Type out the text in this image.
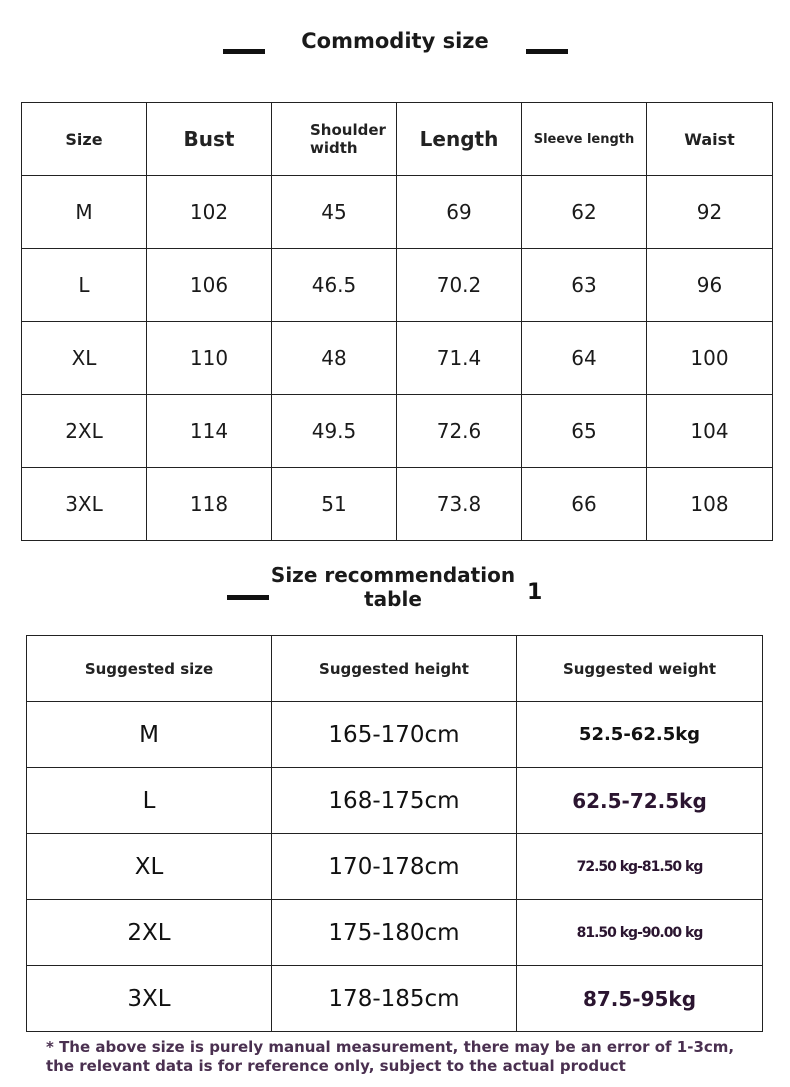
Commodity size
Size	Bust	Shoulder width	Length	Sleeve length	Waist
M	102	45	69	62	92
L	106	46.5	70.2	63	96
XL	110	48	71.4	64	100
2XL	114	49.5	72.6	65	104
3XL	118	51	73.8	66	108
Size recommendation
table	1
Suggested size	Suggested height	Suggested weight
M	165-170cm	52.5-62.5kg
L	168-175cm	62.5-72.5kg
XL	170-178cm	72.50 kg-81.50 kg
2XL	175-180cm	81.50 kg-90.00 kg
3XL	178-185cm	87.5-95kg
* The above size is purely manual measurement, there may be an error of 1-3cm, the relevant data is for reference only, subject to the actual product
